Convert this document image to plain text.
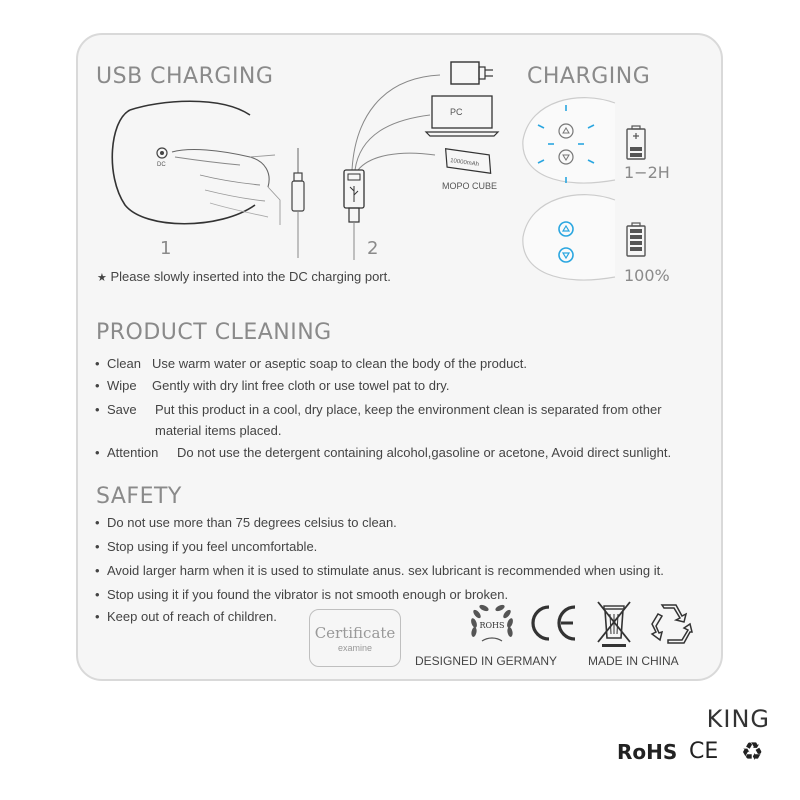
USB CHARGING
DC
1	2
PC
10000mAh
MOPO CUBE
★ Please slowly inserted into the DC charging port.
CHARGING
1−2H
100%
PRODUCT CLEANING
• Clean Use warm water or aseptic soap to clean the body of the product.
• Wipe Gently with dry lint free cloth or use towel pat to dry.
• Save Put this product in a cool, dry place, keep the environment clean is separated from other
material items placed.
• Attention Do not use the detergent containing alcohol,gasoline or acetone, Avoid direct sunlight.
SAFETY
• Do not use more than 75 degrees celsius to clean.
• Stop using if you feel uncomfortable.
• Avoid larger harm when it is used to stimulate anus. sex lubricant is recommended when using it.
• Stop using it if you found the vibrator is not smooth enough or broken.
• Keep out of reach of children.
Certificate
examine
ROHS
DESIGNED IN GERMANY	MADE IN CHINA
KING
RoHS CE ♻
